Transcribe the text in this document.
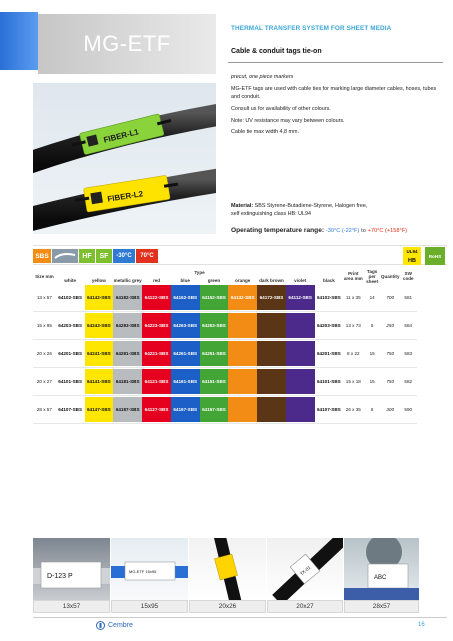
MG-ETF
THERMAL TRANSFER SYSTEM FOR SHEET MEDIA
Cable & conduit tags tie-on
FIBER-L1
FIBER-L2

precut, one piece markers

MG-ETF tags are used with cable ties for marking large diameter cables, hoses, tubes and conduit.

Consult us for availability of other colours.

Note: UV resistance may vary between colours.

Cable tie max width 4,8 mm.

Material: SBS Styrene-Butadiene-Styrene, Halogen free,
self extinguishing class HB: UL94
Operating temperature range: -30°C (-22°F) to +70°C (+158°F)
SBS	HF	SF	-30°C	70°C
UL94
HB
RoHS
Size mm	Type										Print area mm	Tags per sheet	Quantity	SW code
	white	yellow	metallic grey	red	blue	green	orange	dark brown	violet	black				
13 x 57	64102-SBS	64142-SBS	64182-SBS	64122-SBS	64162-SBS	64152-SBS	64132-SBS	64172-SBS	64112-SBS	64102-SBS	11 x 35	14	700	581
15 x 95	64203-SBS	64243-SBS	64283-SBS	64223-SBS	64263-SBS	64253-SBS				64203-SBS	13 x 73	5	250	584
20 x 26	64201-SBS	64241-SBS	64281-SBS	64221-SBS	64261-SBS	64251-SBS				64201-SBS	8 x 22	15	750	583
20 x 27	64101-SBS	64141-SBS	64181-SBS	64121-SBS	64161-SBS	64151-SBS				64101-SBS	15 x 18	15	750	582
28 x 57	64107-SBS	64147-SBS	64187-SBS	64127-SBS	64167-SBS	64157-SBS				64107-SBS	26 x 35	6	300	590
D-123 P
MG-ETF 15x95	TX-01
ABC
13x57	15x95	20x26	20x27	28x57
Cembre	16
